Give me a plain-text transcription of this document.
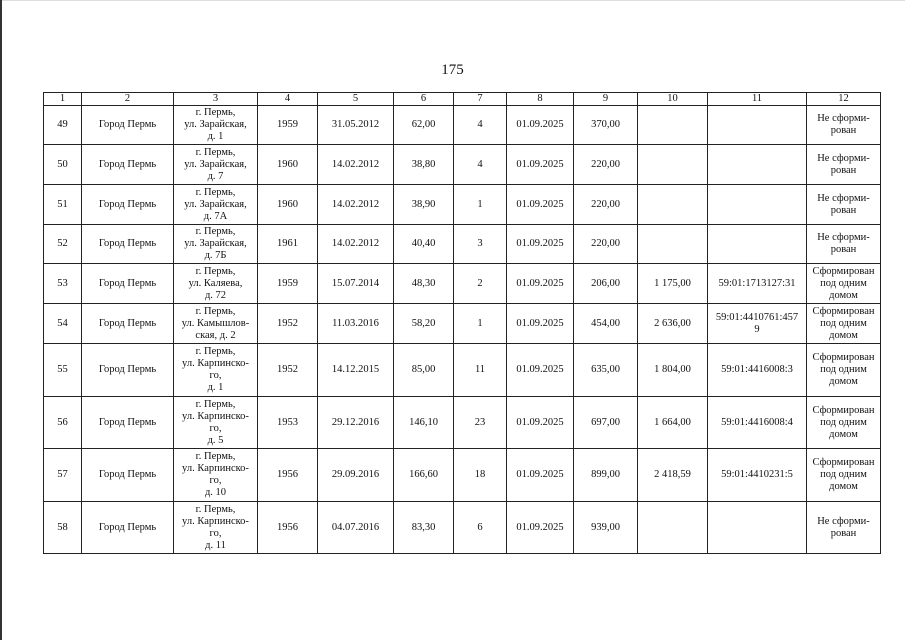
175
1	2	3	4	5	6	7	8	9	10	11	12
49	Город Пермь	г. Пермь,
ул. Зарайская,
д. 1	1959	31.05.2012	62,00	4	01.09.2025	370,00			Не сформи-
рован
50	Город Пермь	г. Пермь,
ул. Зарайская,
д. 7	1960	14.02.2012	38,80	4	01.09.2025	220,00			Не сформи-
рован
51	Город Пермь	г. Пермь,
ул. Зарайская,
д. 7А	1960	14.02.2012	38,90	1	01.09.2025	220,00			Не сформи-
рован
52	Город Пермь	г. Пермь,
ул. Зарайская,
д. 7Б	1961	14.02.2012	40,40	3	01.09.2025	220,00			Не сформи-
рован
53	Город Пермь	г. Пермь,
ул. Каляева,
д. 72	1959	15.07.2014	48,30	2	01.09.2025	206,00	1 175,00	59:01:1713127:31	Сформирован
под одним
домом
54	Город Пермь	г. Пермь,
ул. Камышлов-
ская, д. 2	1952	11.03.2016	58,20	1	01.09.2025	454,00	2 636,00	59:01:4410761:457
9	Сформирован
под одним
домом
55	Город Пермь	г. Пермь,
ул. Карпинско-
го,
д. 1	1952	14.12.2015	85,00	11	01.09.2025	635,00	1 804,00	59:01:4416008:3	Сформирован
под одним
домом
56	Город Пермь	г. Пермь,
ул. Карпинско-
го,
д. 5	1953	29.12.2016	146,10	23	01.09.2025	697,00	1 664,00	59:01:4416008:4	Сформирован
под одним
домом
57	Город Пермь	г. Пермь,
ул. Карпинско-
го,
д. 10	1956	29.09.2016	166,60	18	01.09.2025	899,00	2 418,59	59:01:4410231:5	Сформирован
под одним
домом
58	Город Пермь	г. Пермь,
ул. Карпинско-
го,
д. 11	1956	04.07.2016	83,30	6	01.09.2025	939,00			Не сформи-
рован
